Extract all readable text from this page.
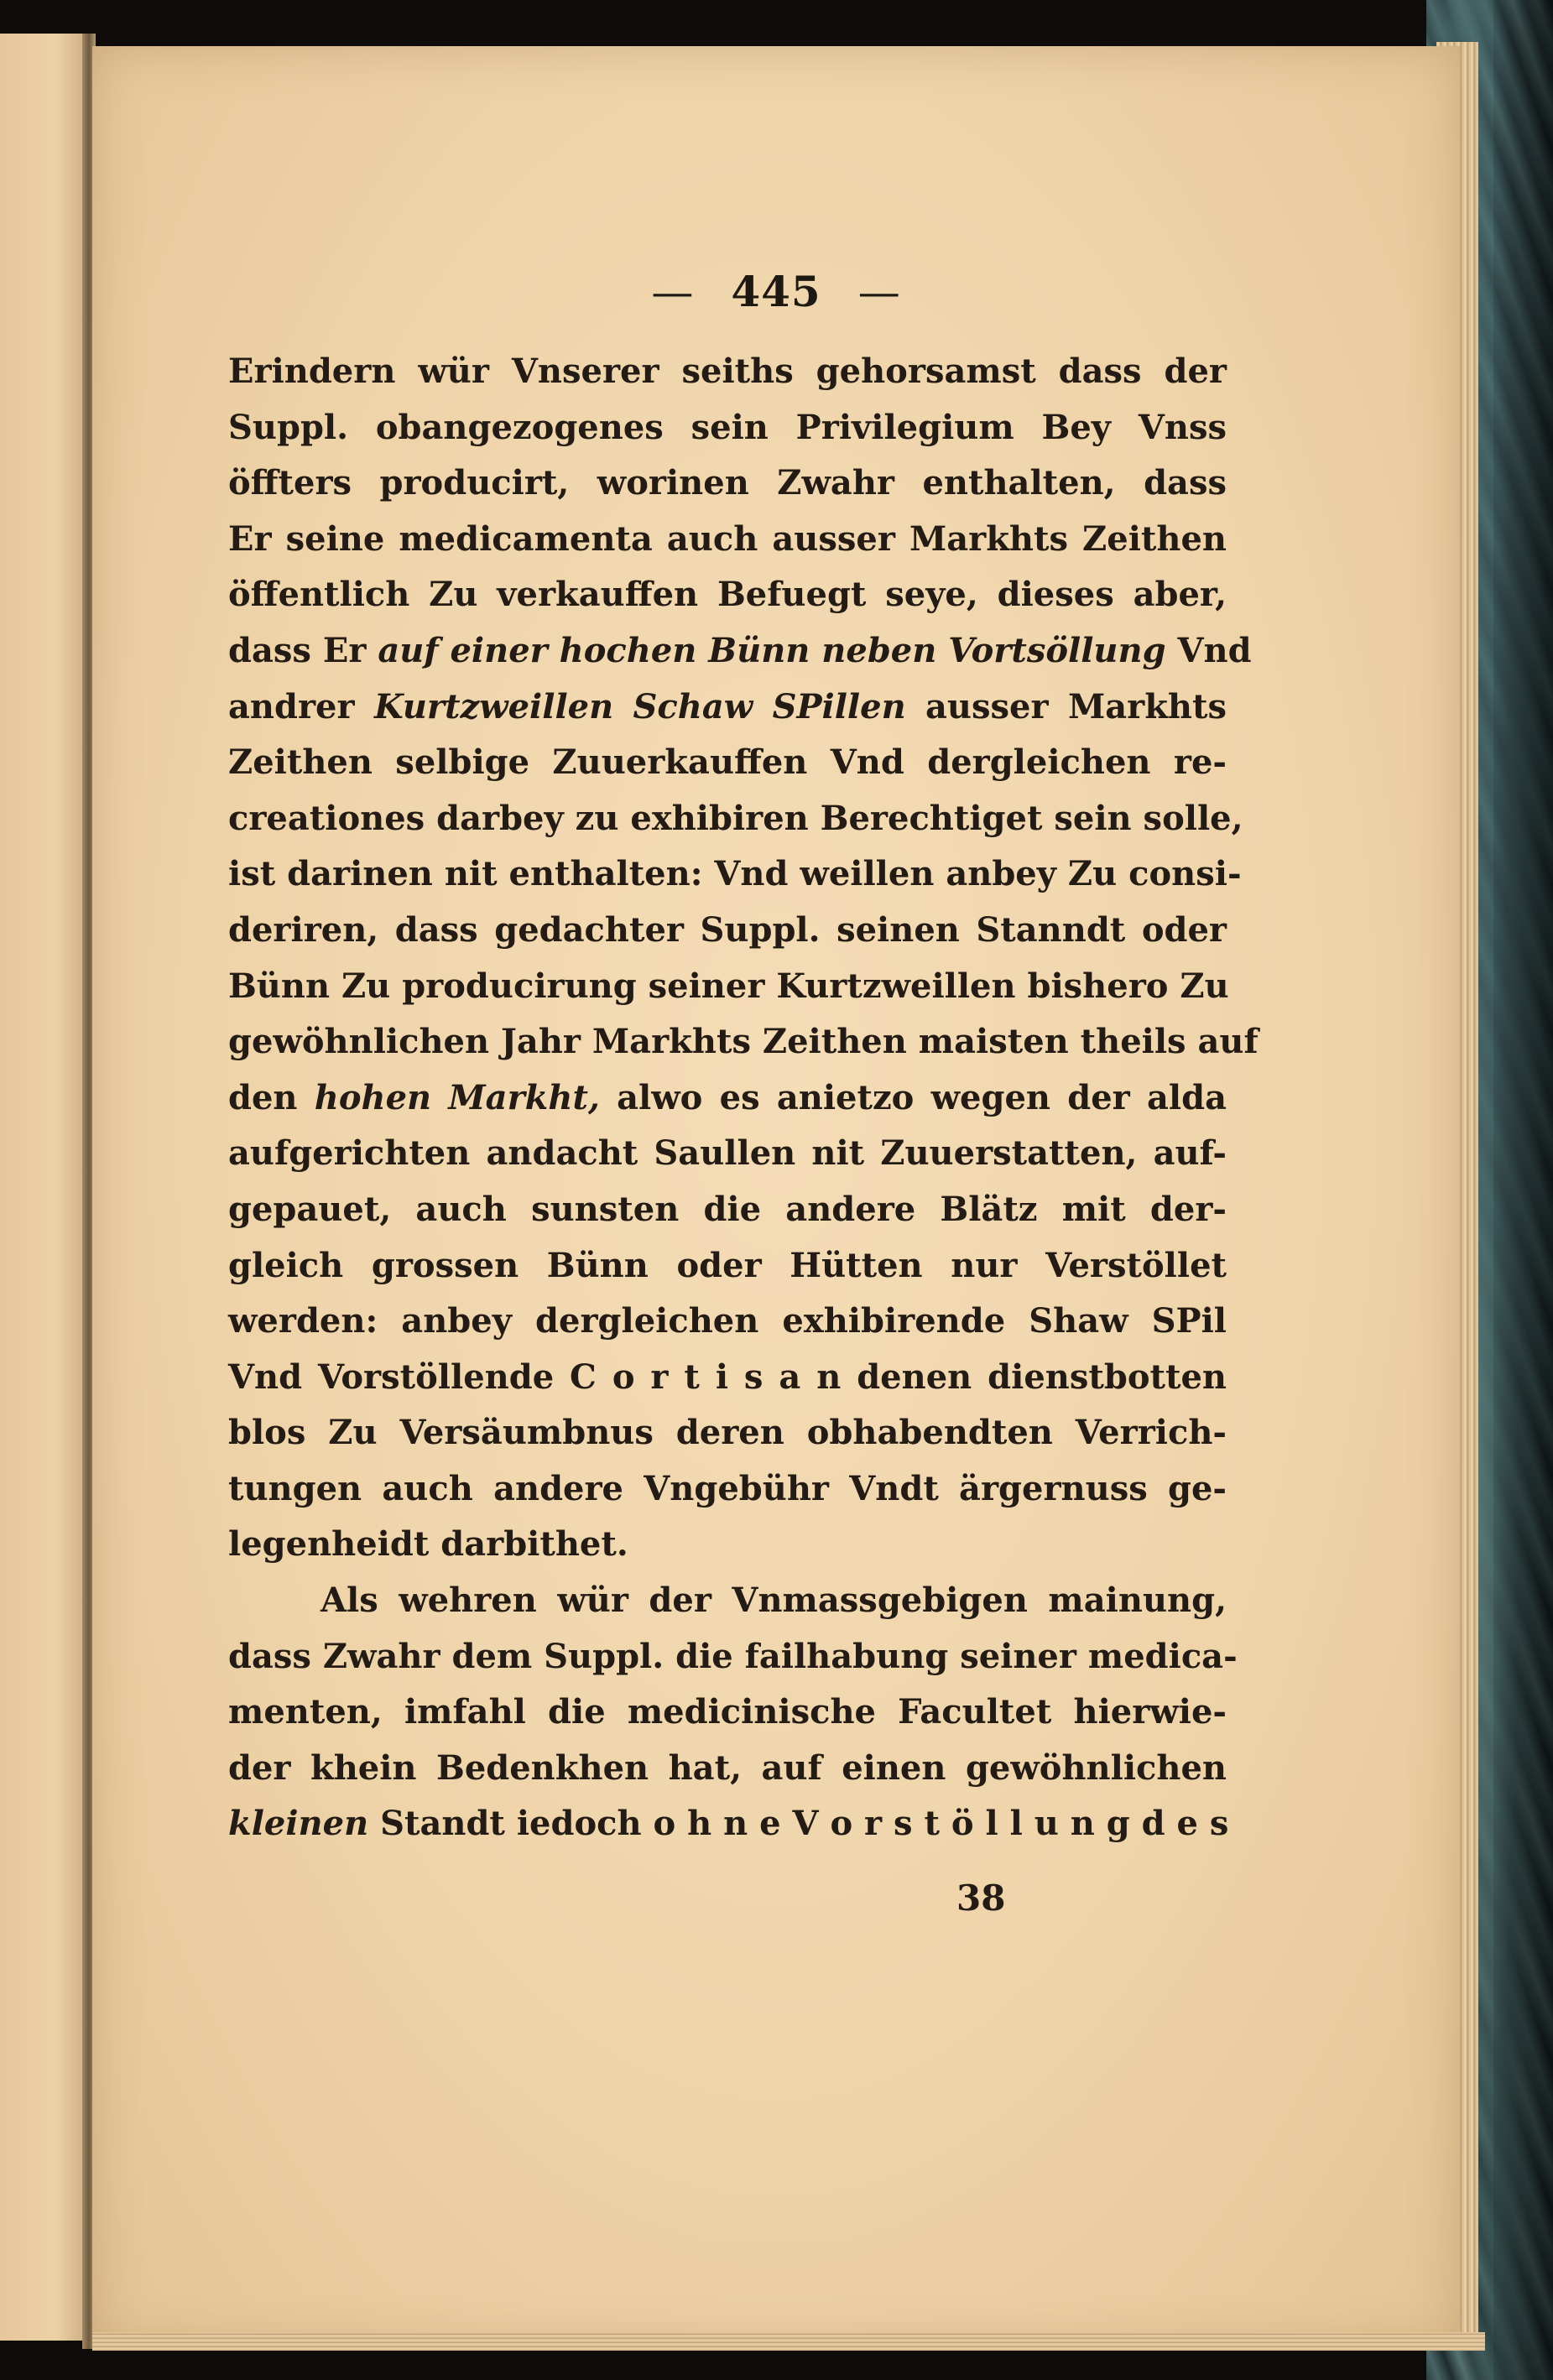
— 445 —
Erindern wür Vnserer seiths gehorsamst dass der
Suppl. obangezogenes sein Privilegium Bey Vnss
öffters producirt, worinen Zwahr enthalten, dass
Er seine medicamenta auch ausser Markhts Zeithen
öffentlich Zu verkauffen Befuegt seye, dieses aber,
dass Er auf einer hochen Bünn neben Vortsöllung Vnd
andrer Kurtzweillen Schaw SPillen ausser Markhts
Zeithen selbige Zuuerkauffen Vnd dergleichen re-
creationes darbey zu exhibiren Berechtiget sein solle,
ist darinen nit enthalten: Vnd weillen anbey Zu consi-
deriren, dass gedachter Suppl. seinen Stanndt oder
Bünn Zu producirung seiner Kurtzweillen bishero Zu
gewöhnlichen Jahr Markhts Zeithen maisten theils auf
den hohen Markht, alwo es anietzo wegen der alda
aufgerichten andacht Saullen nit Zuuerstatten, auf-
gepauet, auch sunsten die andere Blätz mit der-
gleich grossen Bünn oder Hütten nur Verstöllet
werden: anbey dergleichen exhibirende Shaw SPil
Vnd Vorstöllende C o r t i s a n denen dienstbotten
blos Zu Versäumbnus deren obhabendten Verrich-
tungen auch andere Vngebühr Vndt ärgernuss ge-
legenheidt darbithet.
Als wehren wür der Vnmassgebigen mainung,
dass Zwahr dem Suppl. die failhabung seiner medica-
menten, imfahl die medicinische Facultet hierwie-
der khein Bedenkhen hat, auf einen gewöhnlichen
kleinen Standt iedoch o h n e V o r s t ö l l u n g d e s
38
